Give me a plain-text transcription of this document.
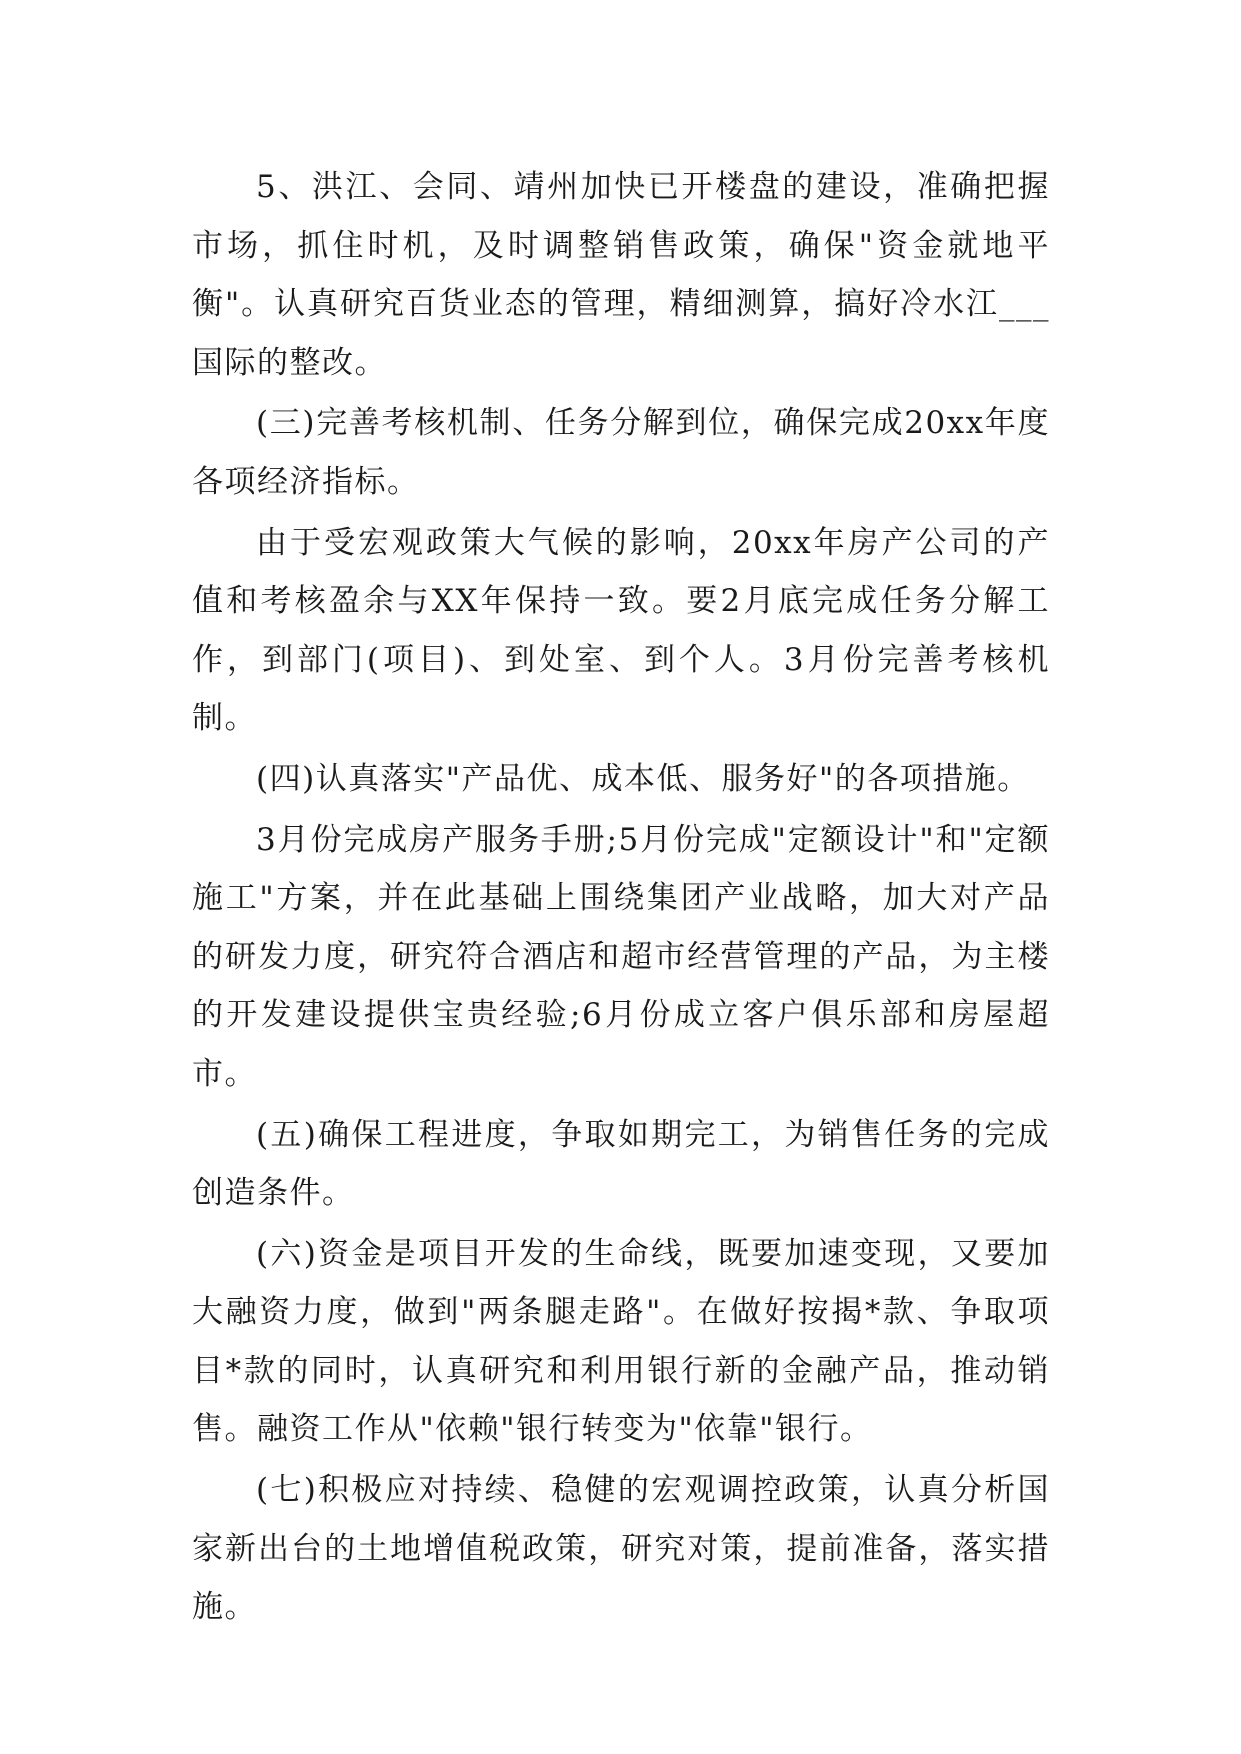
5、洪江、会同、靖州加快已开楼盘的建设，准确把握市场，抓住时机，及时调整销售政策，确保"资金就地平衡"。认真研究百货业态的管理，精细测算，搞好冷水江___国际的整改。

(三)完善考核机制、任务分解到位，确保完成20xx年度各项经济指标。

由于受宏观政策大气候的影响，20xx年房产公司的产值和考核盈余与XX年保持一致。要2月底完成任务分解工作，到部门(项目)、到处室、到个人。3月份完善考核机制。

(四)认真落实"产品优、成本低、服务好"的各项措施。

3月份完成房产服务手册;5月份完成"定额设计"和"定额施工"方案，并在此基础上围绕集团产业战略，加大对产品的研发力度，研究符合酒店和超市经营管理的产品，为主楼的开发建设提供宝贵经验;6月份成立客户俱乐部和房屋超市。

(五)确保工程进度，争取如期完工，为销售任务的完成创造条件。

(六)资金是项目开发的生命线，既要加速变现，又要加大融资力度，做到"两条腿走路"。在做好按揭*款、争取项目*款的同时，认真研究和利用银行新的金融产品，推动销售。融资工作从"依赖"银行转变为"依靠"银行。

(七)积极应对持续、稳健的宏观调控政策，认真分析国家新出台的土地增值税政策，研究对策，提前准备，落实措施。
